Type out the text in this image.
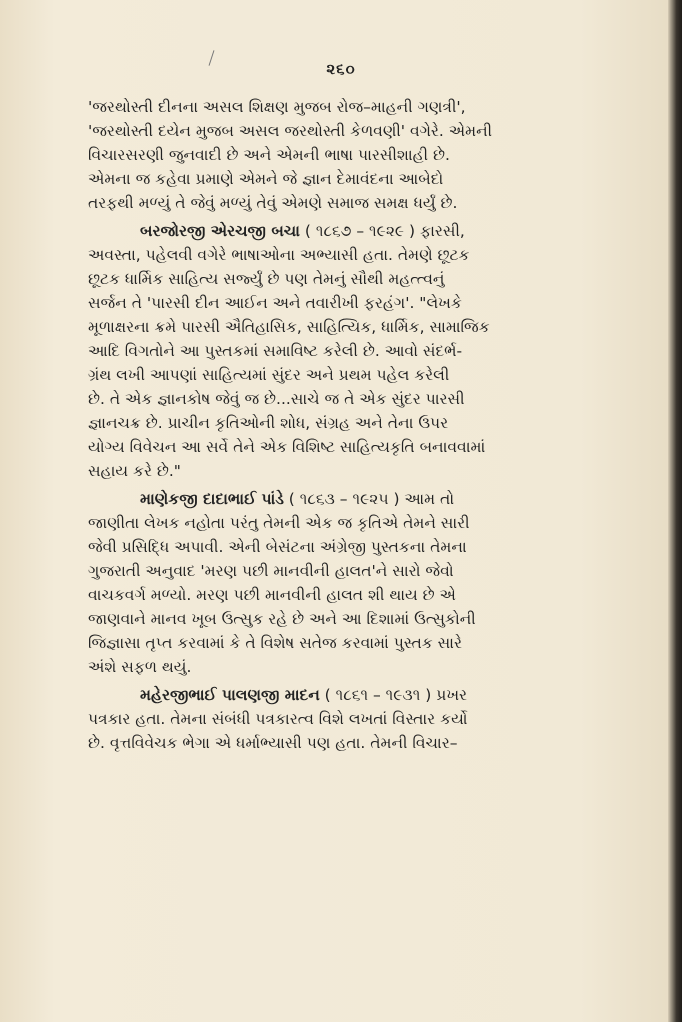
૨૬૦
'જરથોસ્તી દીનના અસલ શિક્ષણ મુજબ રોજ–માહની ગણત્રી',
'જરથોસ્તી દયેન મુજબ અસલ જરથોસ્તી કેળવણી' વગેરે. એમની
વિચારસરણી જુનવાદી છે અને એમની ભાષા પારસીશાહી છે.
એમના જ કહેવા પ્રમાણે એમને જે જ્ઞાન દેમાવંદના આબેદો
તરફથી મળ્યું તે જેવું મળ્યું તેવું એમણે સમાજ સમક્ષ ધર્યું છે.
બરજોરજી એરચજી બચા ( ૧૮૬૭ – ૧૯૨૯ ) ફારસી,
અવસ્તા, પહેલવી વગેરે ભાષાઓના અભ્યાસી હતા. તેમણે છૂટક
છૂટક ધાર્મિક સાહિત્ય સર્જ્યું છે પણ તેમનું સૌથી મહત્ત્વનું
સર્જન તે 'પારસી દીન આઈન અને તવારીખી ફરહંગ'. "લેખકે
મૂળાક્ષરના ક્રમે પારસી ઐતિહાસિક, સાહિત્યિક, ધાર્મિક, સામાજિક
આદિ વિગતોને આ પુસ્તકમાં સમાવિષ્ટ કરેલી છે. આવો સંદર્ભ-
ગ્રંથ લખી આપણાં સાહિત્યમાં સુંદર અને પ્રથમ પહેલ કરેલી
છે. તે એક જ્ઞાનકોષ જેવું જ છે...સાચે જ તે એક સુંદર પારસી
જ્ઞાનચક્ર છે. પ્રાચીન કૃતિઓની શોધ, સંગ્રહ અને તેના ઉપર
યોગ્ય વિવેચન આ સર્વે તેને એક વિશિષ્ટ સાહિત્યકૃતિ બનાવવામાં
સહાય કરે છે."
માણેકજી દાદાભાઈ પાંડે ( ૧૮૬૩ – ૧૯૨૫ ) આમ તો
જાણીતા લેખક નહોતા પરંતુ તેમની એક જ કૃતિએ તેમને સારી
જેવી પ્રસિદ્ધિ અપાવી. એની બેસંટના અંગ્રેજી પુસ્તકના તેમના
ગુજરાતી અનુવાદ 'મરણ પછી માનવીની હાલત'ને સારો જેવો
વાચકવર્ગ મળ્યો. મરણ પછી માનવીની હાલત શી થાય છે એ
જાણવાને માનવ ખૂબ ઉત્સુક રહે છે અને આ દિશામાં ઉત્સુકોની
જિજ્ઞાસા તૃપ્ત કરવામાં કે તે વિશેષ સતેજ કરવામાં પુસ્તક સારે
અંશે સફળ થયું.
મહેરજીભાઈ પાલણજી માદન ( ૧૮૬૧ – ૧૯૩૧ ) પ્રખર
પત્રકાર હતા. તેમના સંબંધી પત્રકારત્વ વિશે લખતાં વિસ્તાર કર્યો
છે. વૃત્તવિવેચક ભેગા એ ધર્માભ્યાસી પણ હતા. તેમની વિચાર–
